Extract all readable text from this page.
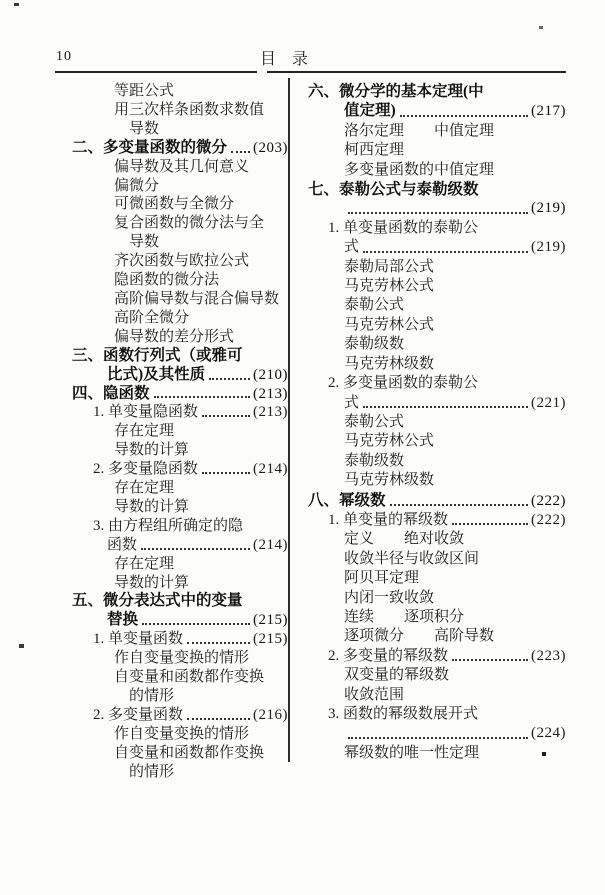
10	目　录
等距公式
用三次样条函数求数值
导数
二、多变量函数的微分 (203)
偏导数及其几何意义
偏微分
可微函数与全微分
复合函数的微分法与全
导数
齐次函数与欧拉公式
隐函数的微分法
高阶偏导数与混合偏导数
高阶全微分
偏导数的差分形式
三、函数行列式（或雅可
比式)及其性质	(210)
四、隐函数	(213)
1. 单变量隐函数	(213)
存在定理
导数的计算
2. 多变量隐函数	(214)
存在定理
导数的计算
3. 由方程组所确定的隐
函数	(214)
存在定理
导数的计算
五、微分表达式中的变量
替换	(215)
1. 单变量函数	(215)
作自变量变换的情形
自变量和函数都作变换
的情形
2. 多变量函数	(216)
作自变量变换的情形
自变量和函数都作变换
的情形
六、微分学的基本定理(中
值定理)	(217)
洛尔定理　　中值定理
柯西定理
多变量函数的中值定理
七、泰勒公式与泰勒级数
(219)
1. 单变量函数的泰勒公
式	(219)
泰勒局部公式
马克劳林公式
泰勒公式
马克劳林公式
泰勒级数
马克劳林级数
2. 多变量函数的泰勒公
式	(221)
泰勒公式
马克劳林公式
泰勒级数
马克劳林级数
八、幂级数	(222)
1. 单变量的幂级数	(222)
定义　　绝对收敛
收敛半径与收敛区间
阿贝耳定理
内闭一致收敛
连续　　逐项积分
逐项微分　　高阶导数
2. 多变量的幂级数	(223)
双变量的幂级数
收敛范围
3. 函数的幂级数展开式
(224)
幂级数的唯一性定理
